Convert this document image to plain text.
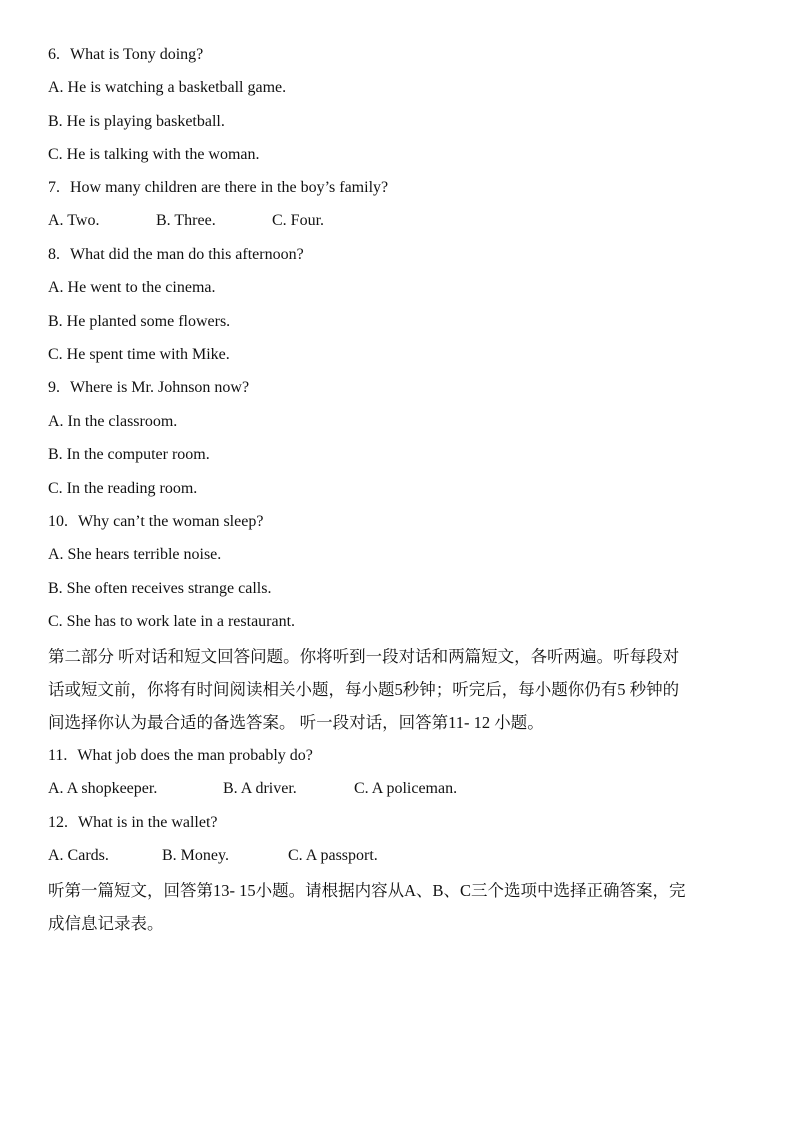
6. What is Tony doing?
A. He is watching a basketball game.
B. He is playing basketball.
C. He is talking with the woman.
7. How many children are there in the boy’s family?
A. Two.	B. Three.	C. Four.
8. What did the man do this afternoon?
A. He went to the cinema.
B. He planted some flowers.
C. He spent time with Mike.
9. Where is Mr. Johnson now?
A. In the classroom.
B. In the computer room.
C. In the reading room.
10. Why can’t the woman sleep?
A. She hears terrible noise.
B. She often receives strange calls.
C. She has to work late in a restaurant.
第二部分 听对话和短文回答问题。你将听到一段对话和两篇短文，各听两遍。听每段对
话或短文前，你将有时间阅读相关小题，每小题5秒钟；听完后，每小题你仍有5 秒钟的
间选择你认为最合适的备选答案。 听一段对话，回答第11- 12 小题。
11. What job does the man probably do?
A. A shopkeeper.	B. A driver.	C. A policeman.
12. What is in the wallet?
A. Cards.	B. Money.	C. A passport.
听第一篇短文，回答第13- 15小题。请根据内容从A、B、C三个选项中选择正确答案，完
成信息记录表。
